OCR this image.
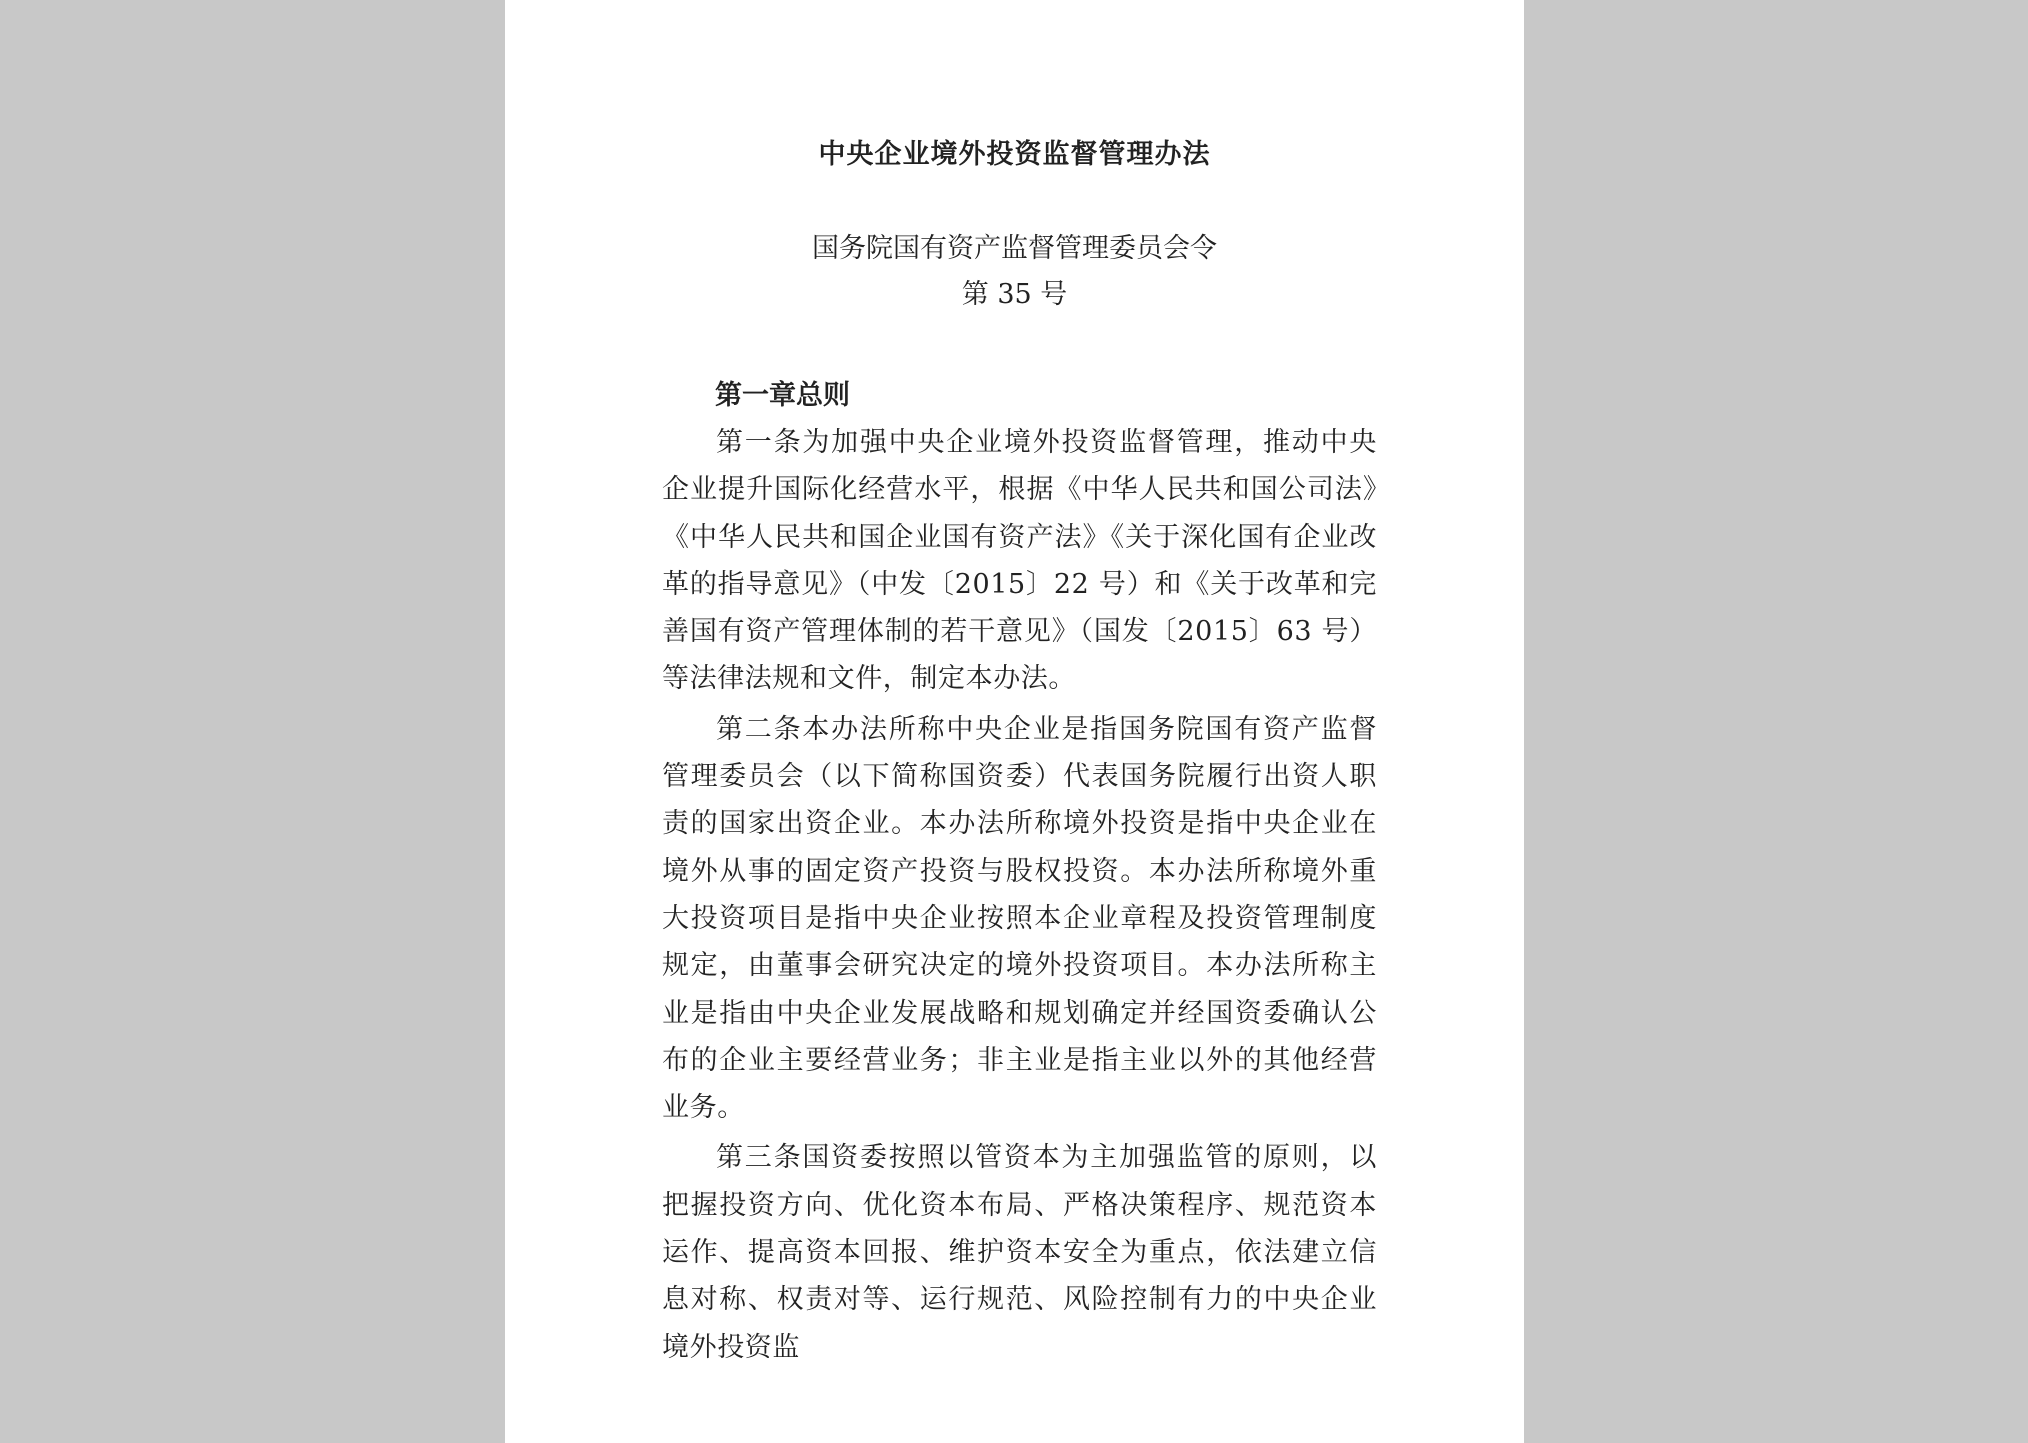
中央企业境外投资监督管理办法
国务院国有资产监督管理委员会令
第 35 号
第一章总则

第一条为加强中央企业境外投资监督管理，推动中央企业提升国际化经营水平，根据《中华人民共和国公司法》《中华人民共和国企业国有资产法》《关于深化国有企业改革的指导意见》（中发〔2015〕22 号）和《关于改革和完善国有资产管理体制的若干意见》（国发〔2015〕63 号）等法律法规和文件，制定本办法。

第二条本办法所称中央企业是指国务院国有资产监督管理委员会（以下简称国资委）代表国务院履行出资人职责的国家出资企业。本办法所称境外投资是指中央企业在境外从事的固定资产投资与股权投资。本办法所称境外重大投资项目是指中央企业按照本企业章程及投资管理制度规定，由董事会研究决定的境外投资项目。本办法所称主业是指由中央企业发展战略和规划确定并经国资委确认公布的企业主要经营业务；非主业是指主业以外的其他经营业务。

第三条国资委按照以管资本为主加强监管的原则，以把握投资方向、优化资本布局、严格决策程序、规范资本运作、提高资本回报、维护资本安全为重点，依法建立信息对称、权责对等、运行规范、风险控制有力的中央企业境外投资监
